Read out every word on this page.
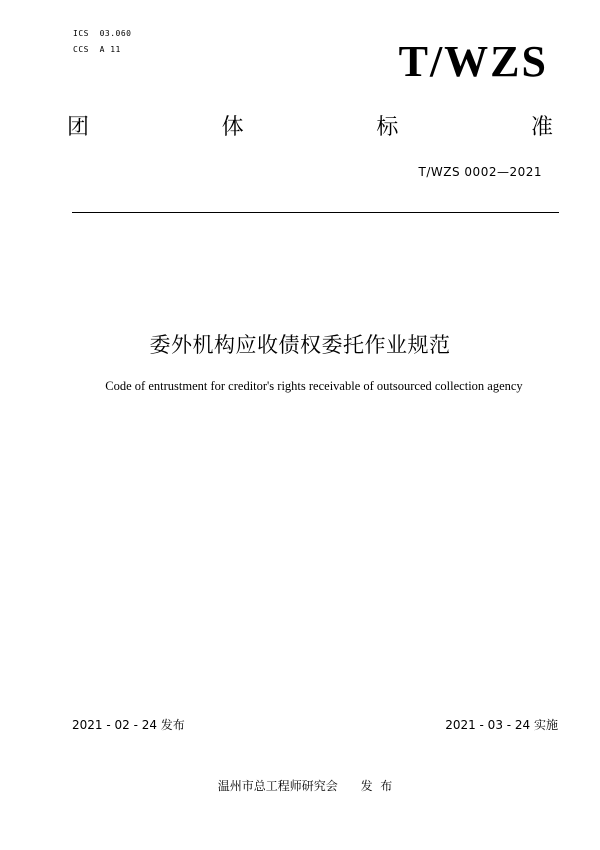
ICS  03.060
CCS  A 11	T/WZS
团	体	标	准
T/WZS 0002—2021
委外机构应收债权委托作业规范
Code of entrustment for creditor's rights receivable of outsourced collection agency
2021 - 02 - 24 发布	2021 - 03 - 24 实施
温州市总工程师研究会 发  布
